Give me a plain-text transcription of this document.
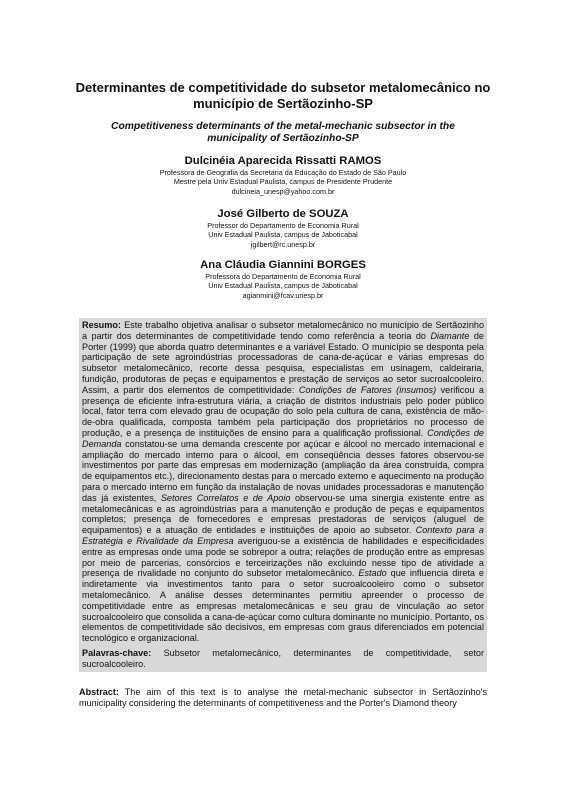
Determinantes de competitividade do subsetor metalomecânico no município de Sertãozinho-SP
Competitiveness determinants of the metal-mechanic subsector in the municipality of Sertãozinho-SP
Dulcinéia Aparecida Rissatti RAMOS
Professora de Geografia da Secretaria da Educação do Estado de São Paulo
Mestre pela Univ Estadual Paulista, campus de Presidente Prudente
dulcineia_unesp@yahoo.com.br
José Gilberto de SOUZA
Professor do Departamento de Economia Rural
Univ Estadual Paulista, campus de Jaboticabal
jgilbert@rc.unesp.br
Ana Cláudia Giannini BORGES
Professora do Departamento de Economia Rural
Univ Estadual Paulista, campus de Jaboticabal
agianmini@fcav.unesp.br

Resumo: Este trabalho objetiva analisar o subsetor metalomecânico no município de Sertãozinho a partir dos determinantes de competitividade tendo como referência a teoria do Diamante de Porter (1999) que aborda quatro determinantes e a variável Estado. O município se desponta pela participação de sete agroindústrias processadoras de cana-de-açúcar e várias empresas do subsetor metalomecânico, recorte dessa pesquisa, especialistas em usinagem, caldeiraria, fundição, produtoras de peças e equipamentos e prestação de serviços ao setor sucroalcooleiro. Assim, a partir dos elementos de competitividade: Condições de Fatores (insumos) verificou a presença de eficiente infra-estrutura viária, a criação de distritos industriais pelo poder público local, fator terra com elevado grau de ocupação do solo pela cultura de cana, existência de mão-de-obra qualificada, composta também pela participação dos proprietários no processo de produção, e a presença de instituições de ensino para a qualificação profissional. Condições de Demanda constatou-se uma demanda crescente por açúcar e álcool no mercado internacional e ampliação do mercado interno para o álcool, em conseqüência desses fatores observou-se investimentos por parte das empresas em modernização (ampliação da área construída, compra de equipamentos etc.), direcionamento destas para o mercado externo e aquecimento na produção para o mercado interno em função da instalação de novas unidades processadoras e manutenção das já existentes, Setores Correlatos e de Apoio observou-se uma sinergia existente entre as metalomecânicas e as agroindústrias para a manutenção e produção de peças e equipamentos completos; presença de fornecedores e empresas prestadoras de serviços (aluguel de equipamentos) e a atuação de entidades e instituições de apoio ao subsetor. Contexto para a Estratégia e Rivalidade da Empresa averiguou-se a existência de habilidades e especificidades entre as empresas onde uma pode se sobrepor a outra; relações de produção entre as empresas por meio de parcerias, consórcios e terceirizações não excluindo nesse tipo de atividade a presença de rivalidade no conjunto do subsetor metalomecânico. Estado que influencia direta e indiretamente via investimentos tanto para o setor sucroalcooleiro como o subsetor metalomecânico. A análise desses determinantes permitiu apreender o processo de competitividade entre as empresas metalomecânicas e seu grau de vinculação ao setor sucroalcooleiro que consolida a cana-de-açúcar como cultura dominante no município. Portanto, os elementos de competitividade são decisivos, em empresas com graus diferenciados em potencial tecnológico e organizacional.

Palavras-chave: Subsetor metalomecânico, determinantes de competitividade, setor sucroalcooleiro.

Abstract: The aim of this text is to analyse the metal-mechanic subsector in Sertãozinho's municipality considering the determinants of competitiveness and the Porter's Diamond theory
